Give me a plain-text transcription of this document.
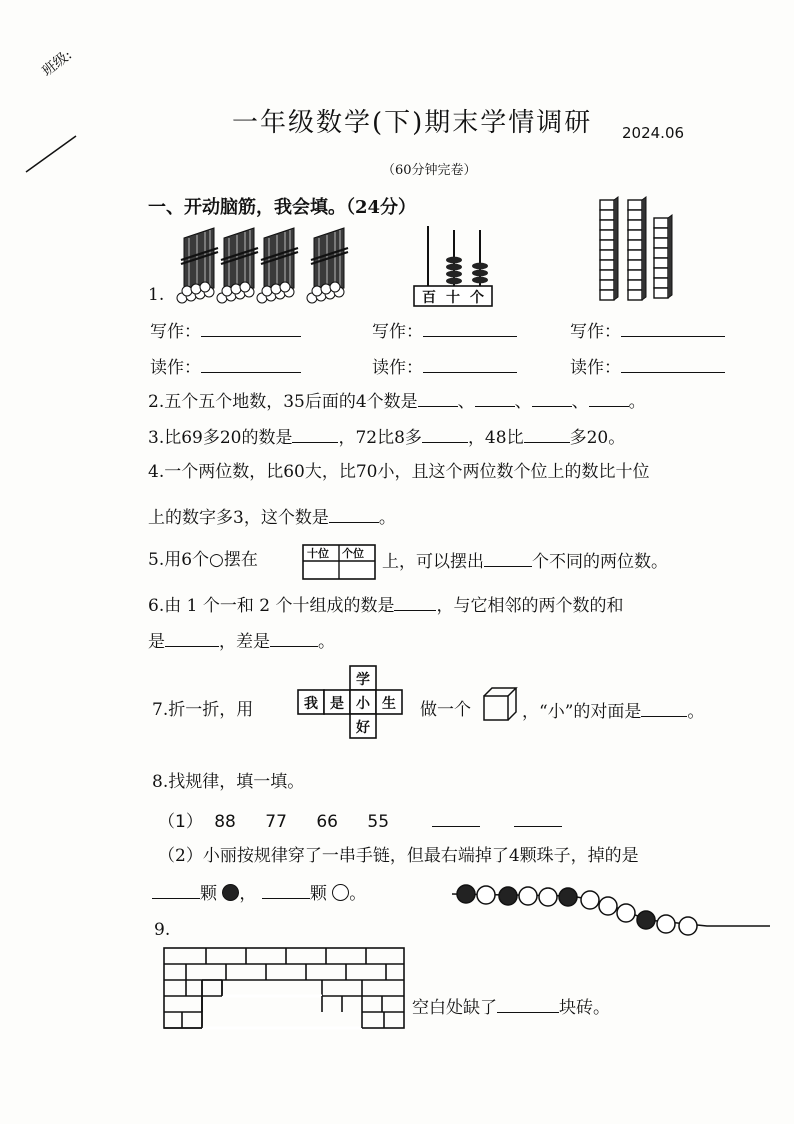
班级:
一年级数学(下)期末学情调研 2024.06
（60分钟完卷）
一、开动脑筋，我会填。（24分）
1.	百 十 个
写作：	写作：	写作：
读作：	读作：	读作：
2.五个五个地数，35后面的4个数是 、 、 、 。
3.比69多20的数是	，72比8多	，48比	多20。
4.一个两位数，比60大，比70小，且这个两位数个位上的数比十位
上的数字多3，这个数是	。
5.用6个○摆在	十位 个位 上，可以摆出	个不同的两位数。
6.由 1 个一和 2 个十组成的数是 ，与它相邻的两个数的和
是	，差是	。
7.折一折，用
学
我 是 小 生
好
做一个	，“小”的对面是	。
8.找规律，填一填。
（1） 88 77 66 55
（2）小丽按规律穿了一串手链，但最右端掉了4颗珠子，掉的是
颗 ，	颗 。
9.
空白处缺了	块砖。
